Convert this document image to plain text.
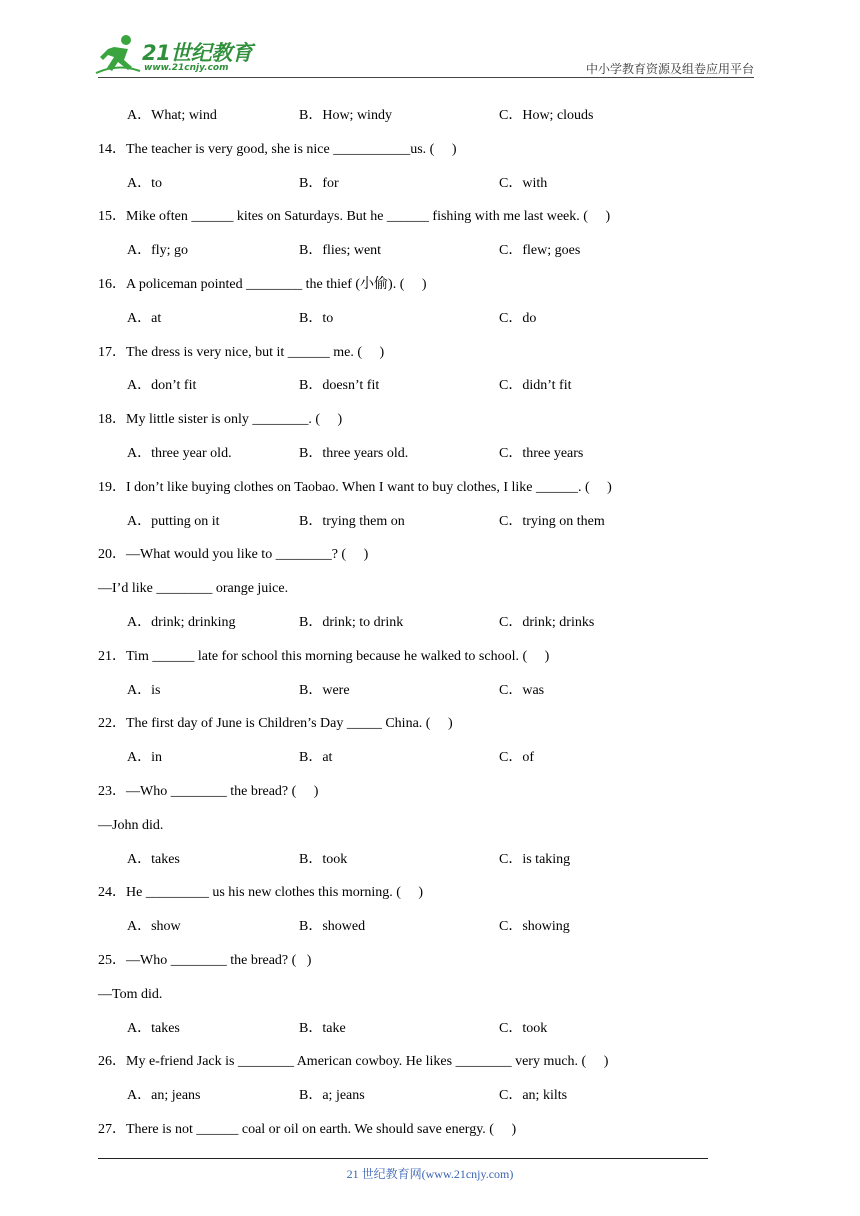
21世纪教育
www.21cnjy.com	中小学教育资源及组卷应用平台
A．What; wind	B．How; windy	C．How; clouds
14．The teacher is very good, she is nice ___________us. (     )
A．to	B．for	C．with
15．Mike often ______ kites on Saturdays. But he ______ fishing with me last week. (     )
A．fly; go	B．flies; went	C．flew; goes
16．A policeman pointed ________ the thief (小偷). (     )
A．at	B．to	C．do
17．The dress is very nice, but it ______ me. (     )
A．don’t fit	B．doesn’t fit	C．didn’t fit
18．My little sister is only ________. (     )
A．three year old.	B．three years old.	C．three years
19．I don’t like buying clothes on Taobao. When I want to buy clothes, I like ______. (     )
A．putting on it	B．trying them on	C．trying on them
20．—What would you like to ________? (     )
—I’d like ________ orange juice.
A．drink; drinking	B．drink; to drink	C．drink; drinks
21．Tim ______ late for school this morning because he walked to school. (     )
A．is	B．were	C．was
22．The first day of June is Children’s Day _____ China. (     )
A．in	B．at	C．of
23．—Who ________ the bread? (     )
—John did.
A．takes	B．took	C．is taking
24．He _________ us his new clothes this morning. (     )
A．show	B．showed	C．showing
25．—Who ________ the bread? (   )
—Tom did.
A．takes	B．take	C．took
26．My e-friend Jack is ________ American cowboy. He likes ________ very much. (     )
A．an; jeans	B．a; jeans	C．an; kilts
27．There is not ______ coal or oil on earth. We should save energy. (     )
21 世纪教育网(www.21cnjy.com)
